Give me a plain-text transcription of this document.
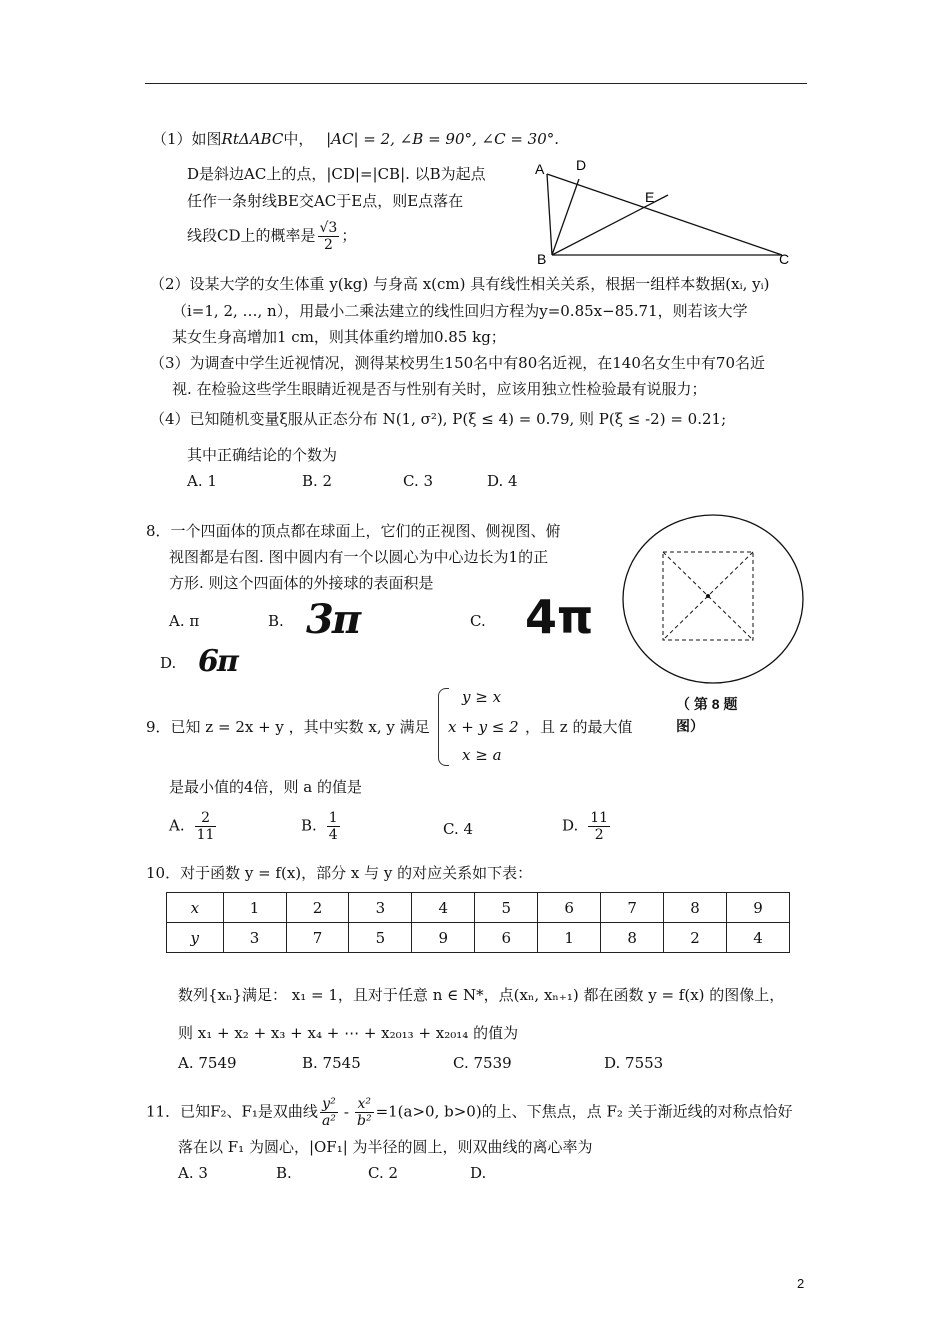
（1）如图RtΔABC中， |AC| = 2, ∠B = 90°, ∠C = 30°.
D是斜边AC上的点，|CD|=|CB|. 以B为起点
任作一条射线BE交AC于E点，则E点落在
线段CD上的概率是 $\frac{√3}{2}$ ；
A D
E
B	C
（2）设某大学的女生体重 y(kg) 与身高 x(cm) 具有线性相关关系，根据一组样本数据(xᵢ, yᵢ)
（i=1, 2, …, n），用最小二乘法建立的线性回归方程为y=0.85x−85.71，则若该大学
某女生身高增加1 cm，则其体重约增加0.85 kg；
（3）为调查中学生近视情况，测得某校男生150名中有80名近视，在140名女生中有70名近
视. 在检验这些学生眼睛近视是否与性别有关时，应该用独立性检验最有说服力；
（4）已知随机变量ξ服从正态分布 N(1, σ²), P(ξ ≤ 4) = 0.79, 则 P(ξ ≤ -2) = 0.21;
其中正确结论的个数为
A. 1	B. 2	C. 3	D. 4
8．一个四面体的顶点都在球面上，它们的正视图、侧视图、俯
视图都是右图. 图中圆内有一个以圆心为中心边长为1的正
方形. 则这个四面体的外接球的表面积是
A. π	B. 3π	C. 4π
D. 6π
（ 第 8 题
图）
9．已知 z = 2x + y ，其中实数 x, y 满足
y ≥ x
x + y ≤ 2
x ≥ a
，且 z 的最大值
是最小值的4倍，则 a 的值是
A. $\frac{2}{11}$	B. $\frac{1}{4}$	C. 4	D. $\frac{11}{2}$
10．对于函数 y = f(x)，部分 x 与 y 的对应关系如下表：
x	1	2	3	4	5	6	7	8	9
y	3	7	5	9	6	1	8	2	4
数列{xₙ}满足： x₁ = 1，且对于任意 n ∈ N*，点(xₙ, xₙ₊₁) 都在函数 y = f(x) 的图像上，
则 x₁ + x₂ + x₃ + x₄ + ⋯ + x₂₀₁₃ + x₂₀₁₄ 的值为
A. 7549	B. 7545	C. 7539	D. 7553
11．已知F₂、F₁是双曲线 $\frac{\text{y²}}{\text{a²}} - \frac{\text{x²}}{\text{b²}} =1(a>0$, b>0)的上、下焦点，点 F₂ 关于渐近线的对称点恰好
落在以 F₁ 为圆心，|OF₁| 为半径的圆上，则双曲线的离心率为
A. 3	B.	C. 2	D.
2
